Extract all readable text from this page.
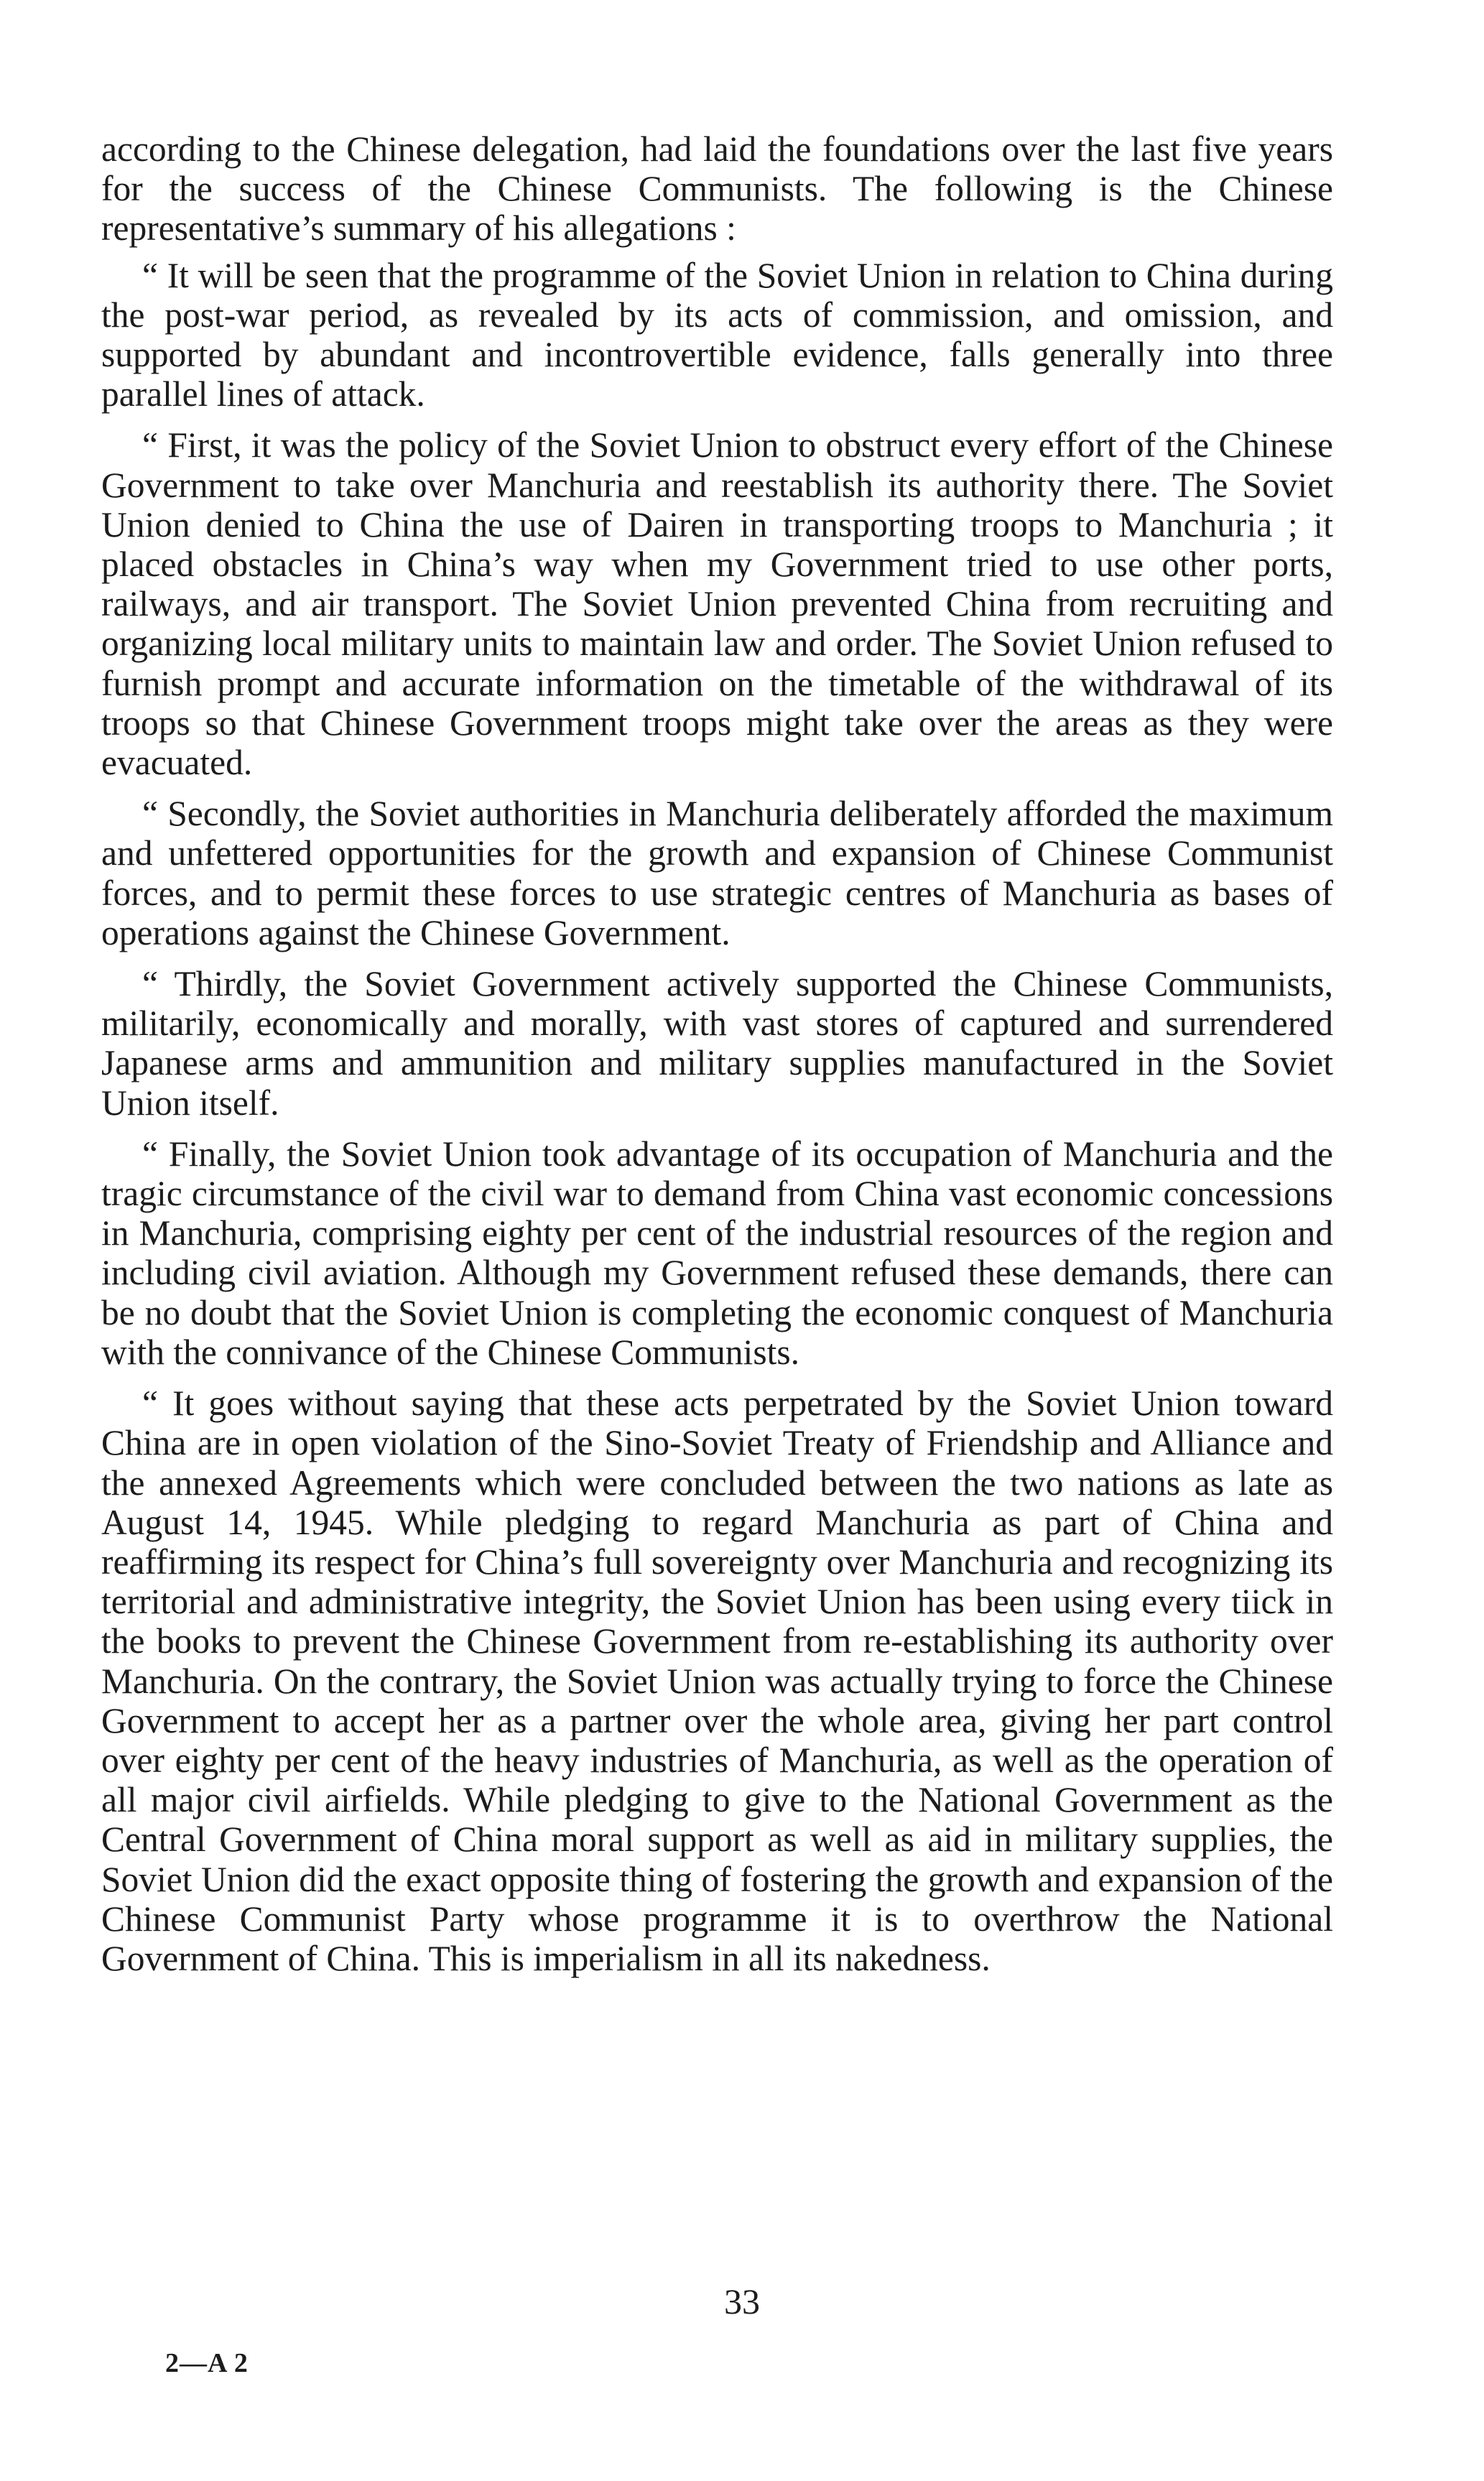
according to the Chinese delegation, had laid the foundations over the last five years for the success of the Chinese Communists. The following is the Chinese representative’s summary of his allegations :

“ It will be seen that the programme of the Soviet Union in relation to China during the post-war period, as revealed by its acts of commission, and omission, and supported by abundant and incontrovertible evidence, falls generally into three parallel lines of attack.

“ First, it was the policy of the Soviet Union to obstruct every effort of the Chinese Government to take over Manchuria and reestablish its authority there. The Soviet Union denied to China the use of Dairen in transporting troops to Manchuria ; it placed obstacles in China’s way when my Government tried to use other ports, railways, and air transport. The Soviet Union prevented China from recruiting and organizing local military units to maintain law and order. The Soviet Union refused to furnish prompt and accurate information on the timetable of the withdrawal of its troops so that Chinese Government troops might take over the areas as they were evacuated.

“ Secondly, the Soviet authorities in Manchuria deliberately afforded the maximum and unfettered opportunities for the growth and expansion of Chinese Communist forces, and to permit these forces to use strategic centres of Manchuria as bases of operations against the Chinese Government.

“ Thirdly, the Soviet Government actively supported the Chinese Communists, militarily, economically and morally, with vast stores of captured and surrendered Japanese arms and ammunition and military supplies manufactured in the Soviet Union itself.

“ Finally, the Soviet Union took advantage of its occupation of Manchuria and the tragic circumstance of the civil war to demand from China vast economic concessions in Manchuria, comprising eighty per cent of the industrial resources of the region and including civil aviation. Although my Government refused these demands, there can be no doubt that the Soviet Union is completing the economic conquest of Manchuria with the connivance of the Chinese Communists.

“ It goes without saying that these acts perpetrated by the Soviet Union toward China are in open violation of the Sino-Soviet Treaty of Friendship and Alliance and the annexed Agreements which were concluded between the two nations as late as August 14, 1945. While pledging to regard Manchuria as part of China and reaffirming its respect for China’s full sovereignty over Manchuria and recognizing its territorial and administrative integrity, the Soviet Union has been using every tiick in the books to prevent the Chinese Government from re-establishing its authority over Manchuria. On the contrary, the Soviet Union was actually trying to force the Chinese Government to accept her as a partner over the whole area, giving her part control over eighty per cent of the heavy industries of Manchuria, as well as the operation of all major civil airfields. While pledging to give to the National Government as the Central Government of China moral support as well as aid in military supplies, the Soviet Union did the exact opposite thing of fostering the growth and expansion of the Chinese Communist Party whose programme it is to overthrow the National Government of China. This is imperialism in all its nakedness.

33
2—A 2
